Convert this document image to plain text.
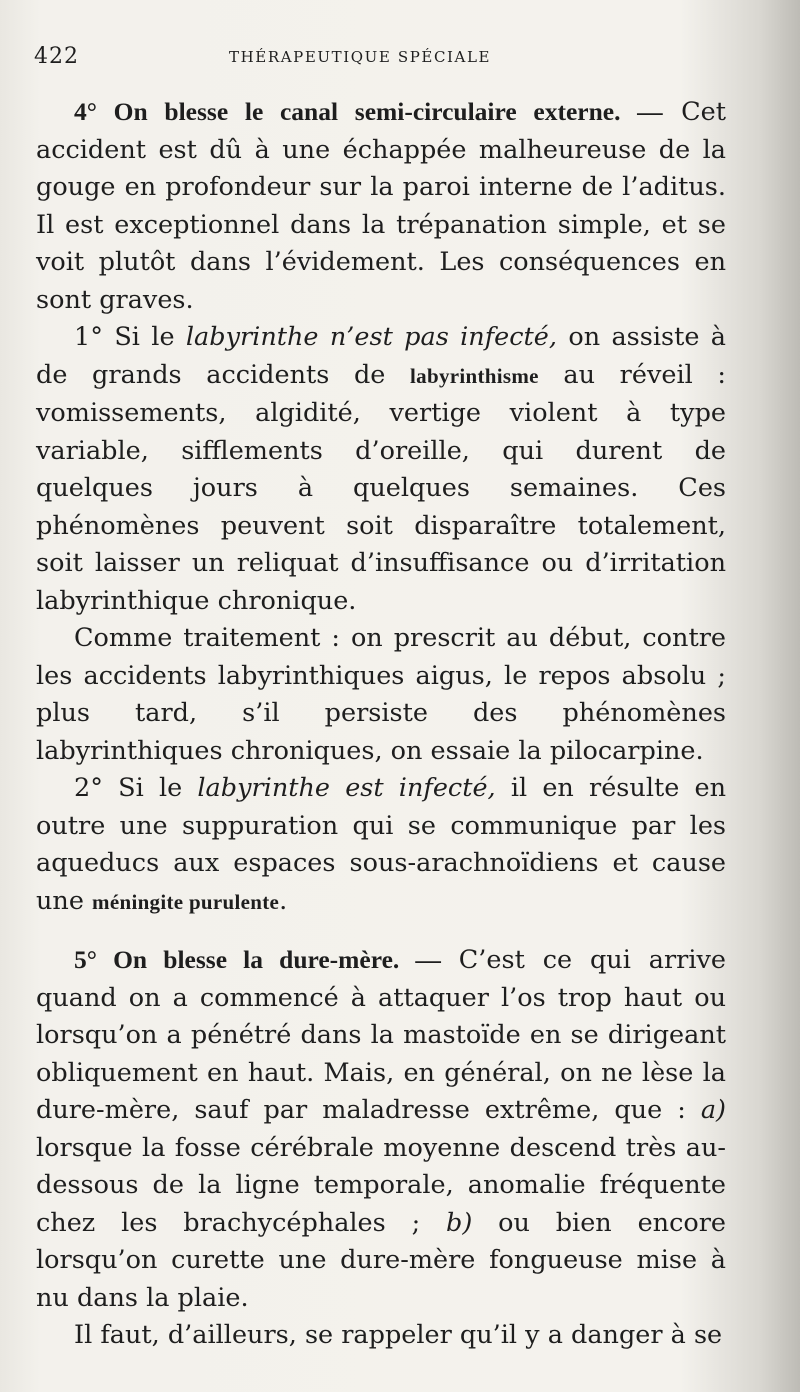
422	THÉRAPEUTIQUE SPÉCIALE

4° On blesse le canal semi-circulaire externe. — Cet accident est dû à une échappée malheureuse de la gouge en profondeur sur la paroi interne de l’aditus. Il est exceptionnel dans la trépanation simple, et se voit plutôt dans l’évidement. Les conséquences en sont graves.

1° Si le labyrinthe n’est pas infecté, on assiste à de grands accidents de labyrinthisme au réveil : vomissements, algidité, vertige violent à type variable, sifflements d’oreille, qui durent de quelques jours à quelques semaines. Ces phénomènes peuvent soit disparaître totalement, soit laisser un reliquat d’insuffisance ou d’irritation labyrinthique chronique.

Comme traitement : on prescrit au début, contre les accidents labyrinthiques aigus, le repos absolu ; plus tard, s’il persiste des phénomènes labyrinthiques chroniques, on essaie la pilocarpine.

2° Si le labyrinthe est infecté, il en résulte en outre une suppuration qui se communique par les aqueducs aux espaces sous-arachnoïdiens et cause une méningite purulente.

5° On blesse la dure-mère. — C’est ce qui arrive quand on a commencé à attaquer l’os trop haut ou lorsqu’on a pénétré dans la mastoïde en se dirigeant obliquement en haut. Mais, en général, on ne lèse la dure-mère, sauf par maladresse extrême, que : a) lorsque la fosse cérébrale moyenne descend très au-dessous de la ligne temporale, anomalie fréquente chez les brachycéphales ; b) ou bien encore lorsqu’on curette une dure-mère fongueuse mise à nu dans la plaie.

Il faut, d’ailleurs, se rappeler qu’il y a danger à se
